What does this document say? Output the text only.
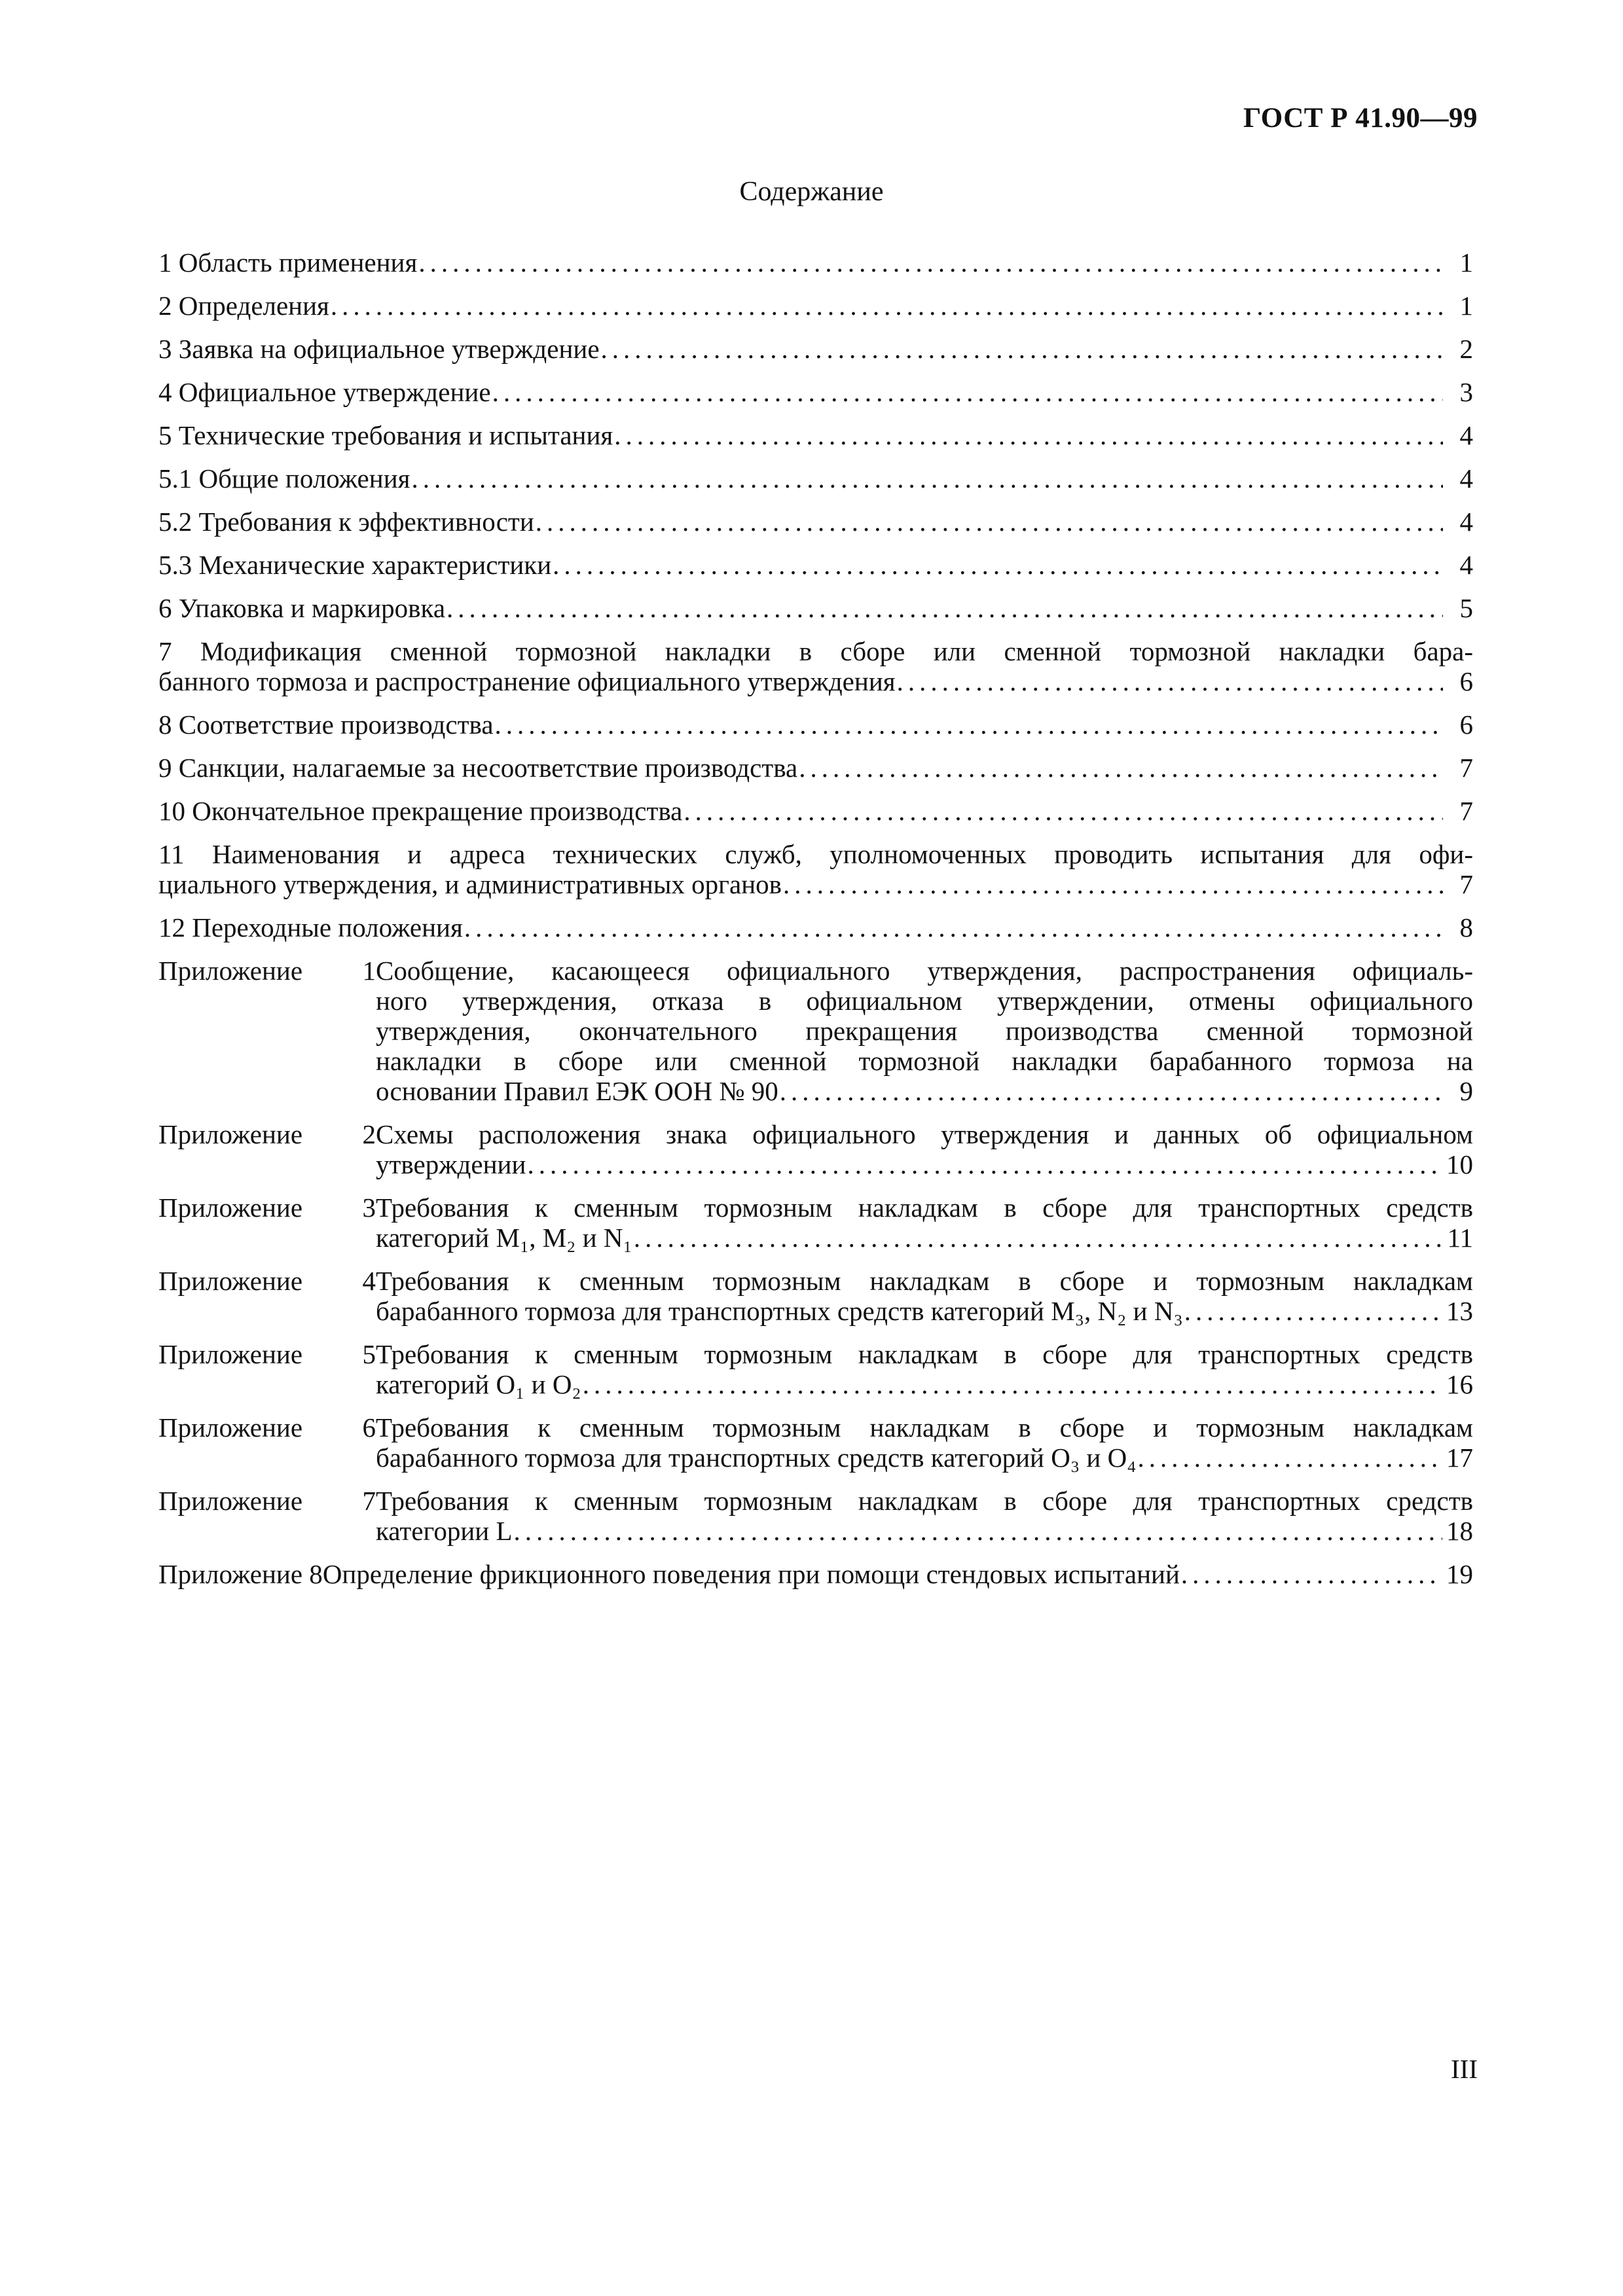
ГОСТ Р 41.90—99
Содержание
1 Область применения .....	1
2 Определения .....	1
3 Заявка на официальное утверждение .....	2
4 Официальное утверждение .....	3
5 Технические требования и испытания .....	4
5.1 Общие положения .....	4
5.2 Требования к эффективности .....	4
5.3 Механические характеристики .....	4
6 Упаковка и маркировка .....	5
7 Модификация сменной тормозной накладки в сборе или сменной тормозной накладки бара-
банного тормоза и распространение официального утверждения .....	6
8 Соответствие производства .....	6
9 Санкции, налагаемые за несоответствие производства .....	7
10 Окончательное прекращение производства .....	7
11 Наименования и адреса технических служб, уполномоченных проводить испытания для офи-
циального утверждения, и административных органов .....	7
12 Переходные положения .....	8
Приложение 1Сообщение, касающееся официального утверждения, распространения официаль-
ного утверждения, отказа в официальном утверждении, отмены официального
утверждения, окончательного прекращения производства сменной тормозной
накладки в сборе или сменной тормозной накладки барабанного тормоза на
основании Правил ЕЭК ООН № 90 .....	9
Приложение 2Схемы расположения знака официального утверждения и данных об официальном
утверждении .....	10
Приложение 3Требования к сменным тормозным накладкам в сборе для транспортных средств
категорий M₁, M₂ и N₁ .....	11
Приложение 4Требования к сменным тормозным накладкам в сборе и тормозным накладкам
барабанного тормоза для транспортных средств категорий M₃, N₂ и N₃ .....	13
Приложение 5Требования к сменным тормозным накладкам в сборе для транспортных средств
категорий O₁ и O₂ .....	16
Приложение 6Требования к сменным тормозным накладкам в сборе и тормозным накладкам
барабанного тормоза для транспортных средств категорий O₃ и O₄ .....	17
Приложение 7Требования к сменным тормозным накладкам в сборе для транспортных средств
категории L .....	18
Приложение 8 Определение фрикционного поведения при помощи стендовых испытаний .....	19
III
